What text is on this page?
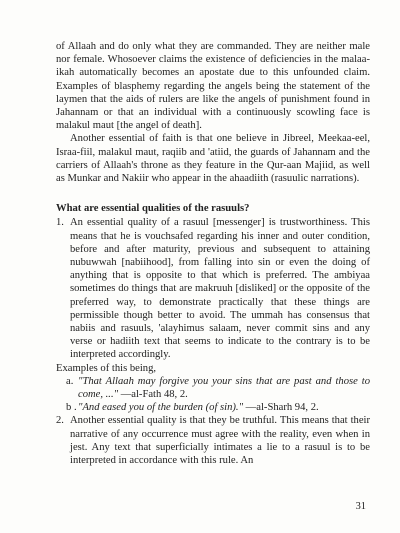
of Allaah and do only what they are commanded. They are neither male nor female. Whosoever claims the existence of deficiencies in the malaa-ikah automatically becomes an apostate due to this unfounded claim. Examples of blasphemy regarding the angels being the statement of the laymen that the aids of rulers are like the angels of punishment found in Jahannam or that an individual with a continuously scowling face is malakul maut [the angel of death].

Another essential of faith is that one believe in Jibreel, Meekaa-eel, Israa-fiil, malakul maut, raqiib and 'atiid, the guards of Jahannam and the carriers of Allaah's throne as they feature in the Qur-aan Majiid, as well as Munkar and Nakiir who appear in the ahaadiith (rasuulic narrations).

What are essential qualities of the rasuuls?

1. An essential quality of a rasuul [messenger] is trustworthiness. This means that he is vouchsafed regarding his inner and outer condition, before and after maturity, previous and subsequent to attaining nubuwwah [nabiihood], from falling into sin or even the doing of anything that is opposite to that which is preferred. The ambiyaa sometimes do things that are makruuh [disliked] or the opposite of the preferred way, to demonstrate practically that these things are permissible though better to avoid. The ummah has consensus that nabiis and rasuuls, 'alayhimus salaam, never commit sins and any verse or hadiith text that seems to indicate to the contrary is to be interpreted accordingly.

Examples of this being,

a. "That Allaah may forgive you your sins that are past and those to come, ..." —al-Fath 48, 2.
b . "And eased you of the burden (of sin)." —al-Sharh 94, 2.
2. Another essential quality is that they be truthful. This means that their narrative of any occurrence must agree with the reality, even when in jest. Any text that superficially intimates a lie to a rasuul is to be interpreted in accordance with this rule. An
31
